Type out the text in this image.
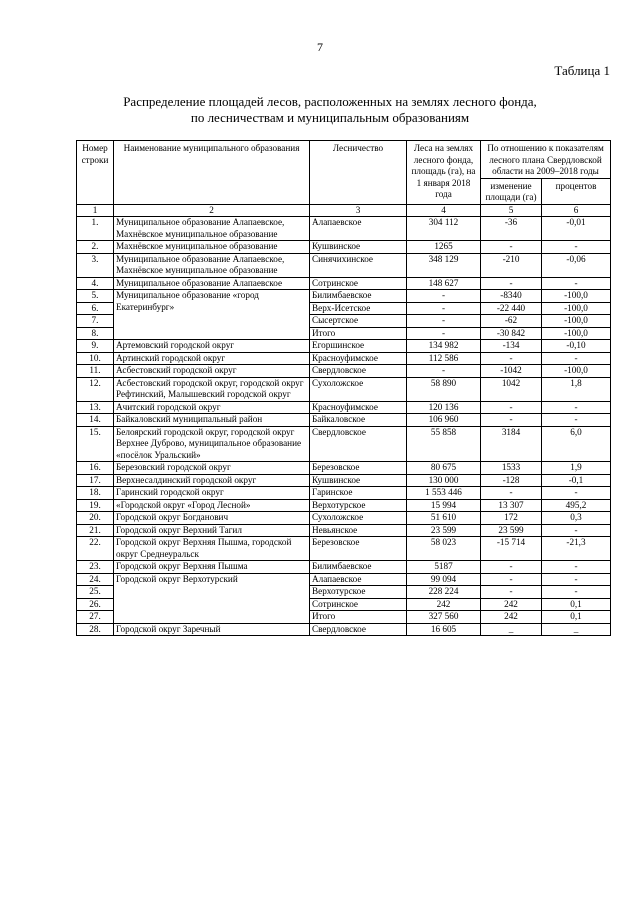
7
Таблица 1
Распределение площадей лесов, расположенных на землях лесного фонда,
по лесничествам и муниципальным образованиям
Номер строки	Наименование муниципального образования	Лесничество	Леса на землях лесного фонда, площадь (га), на 1 января 2018 года	По отношению к показателям лесного плана Свердловской области на 2009–2018 годы	
				изменение площади (га)	процентов
1	2	3	4	5	6
1.	Муниципальное образование Алапаевское, Махнёвское муниципальное образование	Алапаевское	304 112	-36	-0,01
2.	Махнёвское муниципальное образование	Кушвинское	1265	-	-
3.	Муниципальное образование Алапаевское, Махнёвское муниципальное образование	Синячихинское	348 129	-210	-0,06
4.	Муниципальное образование Алапаевское	Сотринское	148 627	-	-
5.	Муниципальное образование «город Екатеринбург»	Билимбаевское	-	-8340	-100,0
6.		Верх-Исетское	-	-22 440	-100,0
7.		Сысертское	-	-62	-100,0
8.		Итого	-	-30 842	-100,0
9.	Артемовский городской округ	Егоршинское	134 982	-134	-0,10
10.	Артинский городской округ	Красноуфимское	112 586	-	-
11.	Асбестовский городской округ	Свердловское	-	-1042	-100,0
12.	Асбестовский городской округ, городской округ Рефтинский, Малышевский городской округ	Сухоложское	58 890	1042	1,8
13.	Ачитский городской округ	Красноуфимское	120 136	-	-
14.	Байкаловский муниципальный район	Байкаловское	106 960	-	-
15.	Белоярский городской округ, городской округ Верхнее Дуброво, муниципальное образование «посёлок Уральский»	Свердловское	55 858	3184	6,0
16.	Березовский городской округ	Березовское	80 675	1533	1,9
17.	Верхнесалдинский городской округ	Кушвинское	130 000	-128	-0,1
18.	Гаринский городской округ	Гаринское	1 553 446	-	-
19.	«Городской округ «Город Лесной»	Верхотурское	15 994	13 307	495,2
20.	Городской округ Богданович	Сухоложское	51 610	172	0,3
21.	Городской округ Верхний Тагил	Невьянское	23 599	23 599	-
22.	Городской округ Верхняя Пышма, городской округ Среднеуральск	Березовское	58 023	-15 714	-21,3
23.	Городской округ Верхняя Пышма	Билимбаевское	5187	-	-
24.	Городской округ Верхотурский	Алапаевское	99 094	-	-
25.		Верхотурское	228 224	-	-
26.		Сотринское	242	242	0,1
27.		Итого	327 560	242	0,1
28.	Городской округ Заречный	Свердловское	16 605	_	_
